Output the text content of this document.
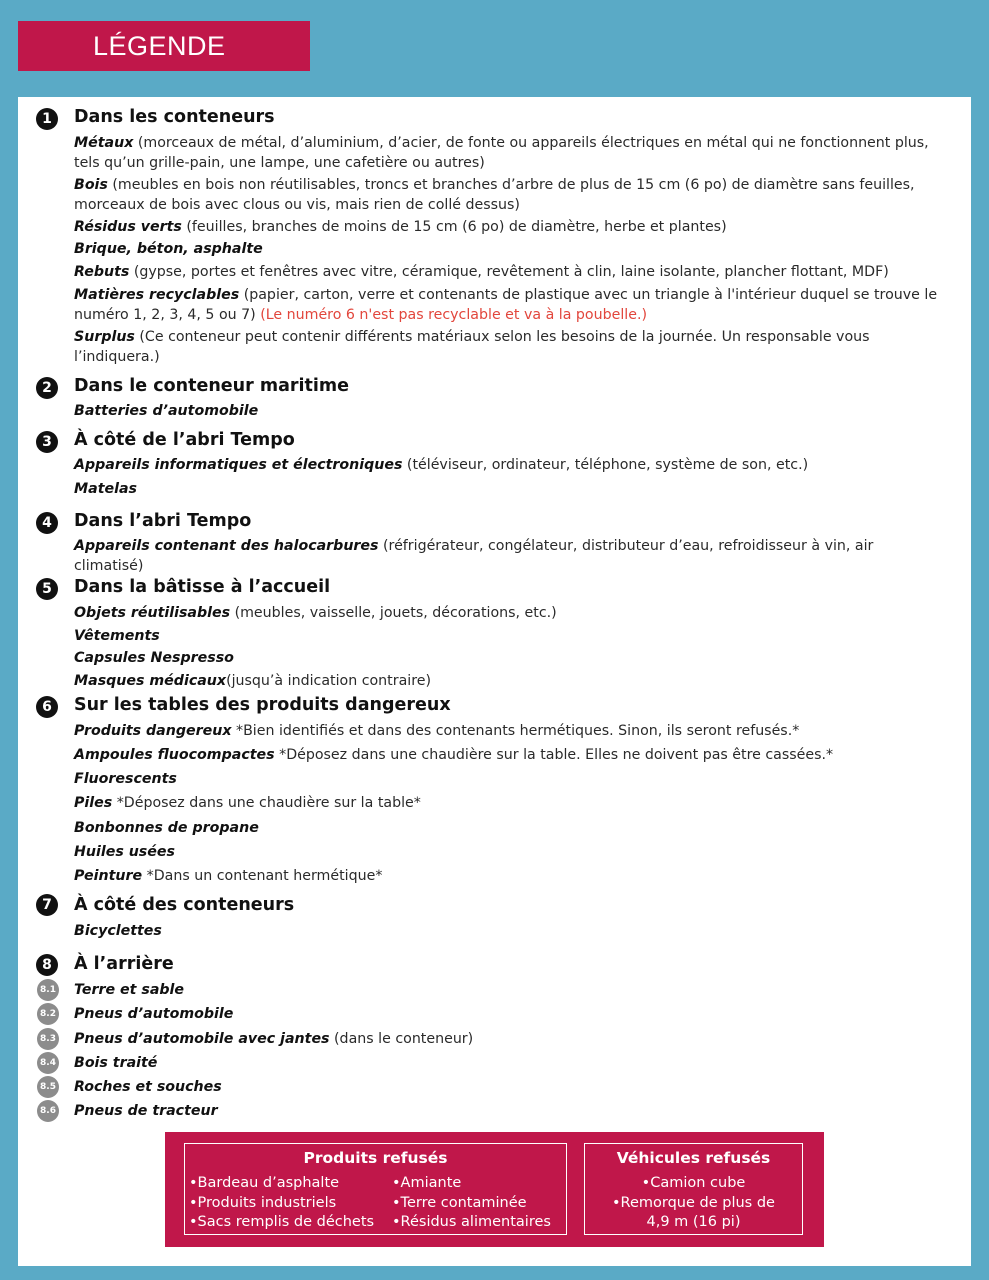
LÉGENDE
1	Dans les conteneurs
Métaux (morceaux de métal, d’aluminium, d’acier, de fonte ou appareils électriques en métal qui ne fonctionnent plus, tels qu’un grille-pain, une lampe, une cafetière ou autres)
Bois (meubles en bois non réutilisables, troncs et branches d’arbre de plus de 15 cm (6 po) de diamètre sans feuilles, morceaux de bois avec clous ou vis, mais rien de collé dessus)
Résidus verts (feuilles, branches de moins de 15 cm (6 po) de diamètre, herbe et plantes)
Brique, béton, asphalte
Rebuts (gypse, portes et fenêtres avec vitre, céramique, revêtement à clin, laine isolante, plancher flottant, MDF)
Matières recyclables (papier, carton, verre et contenants de plastique avec un triangle à l'intérieur duquel se trouve le numéro 1, 2, 3, 4, 5 ou 7) (Le numéro 6 n'est pas recyclable et va à la poubelle.)
Surplus (Ce conteneur peut contenir différents matériaux selon les besoins de la journée. Un responsable vous l’indiquera.)
2	Dans le conteneur maritime
Batteries d’automobile
3	À côté de l’abri Tempo
Appareils informatiques et électroniques (téléviseur, ordinateur, téléphone, système de son, etc.)
Matelas
4	Dans l’abri Tempo
Appareils contenant des halocarbures (réfrigérateur, congélateur, distributeur d’eau, refroidisseur à vin, air climatisé)
5	Dans la bâtisse à l’accueil
Objets réutilisables (meubles, vaisselle, jouets, décorations, etc.)
Vêtements
Capsules Nespresso
Masques médicaux(jusqu’à indication contraire)
6	Sur les tables des produits dangereux
Produits dangereux *Bien identifiés et dans des contenants hermétiques. Sinon, ils seront refusés.*
Ampoules fluocompactes *Déposez dans une chaudière sur la table. Elles ne doivent pas être cassées.*
Fluorescents
Piles *Déposez dans une chaudière sur la table*
Bonbonnes de propane
Huiles usées
Peinture *Dans un contenant hermétique*
7	À côté des conteneurs
Bicyclettes
8	À l’arrière
8.1 Terre et sable
8.2 Pneus d’automobile
8.3 Pneus d’automobile avec jantes (dans le conteneur)
8.4 Bois traité
8.5 Roches et souches
8.6 Pneus de tracteur
Produits refusés
•Bardeau d’asphalte
•Produits industriels
•Sacs remplis de déchets
•Amiante
•Terre contaminée
•Résidus alimentaires
Véhicules refusés
•Camion cube
•Remorque de plus de
4,9 m (16 pi)
